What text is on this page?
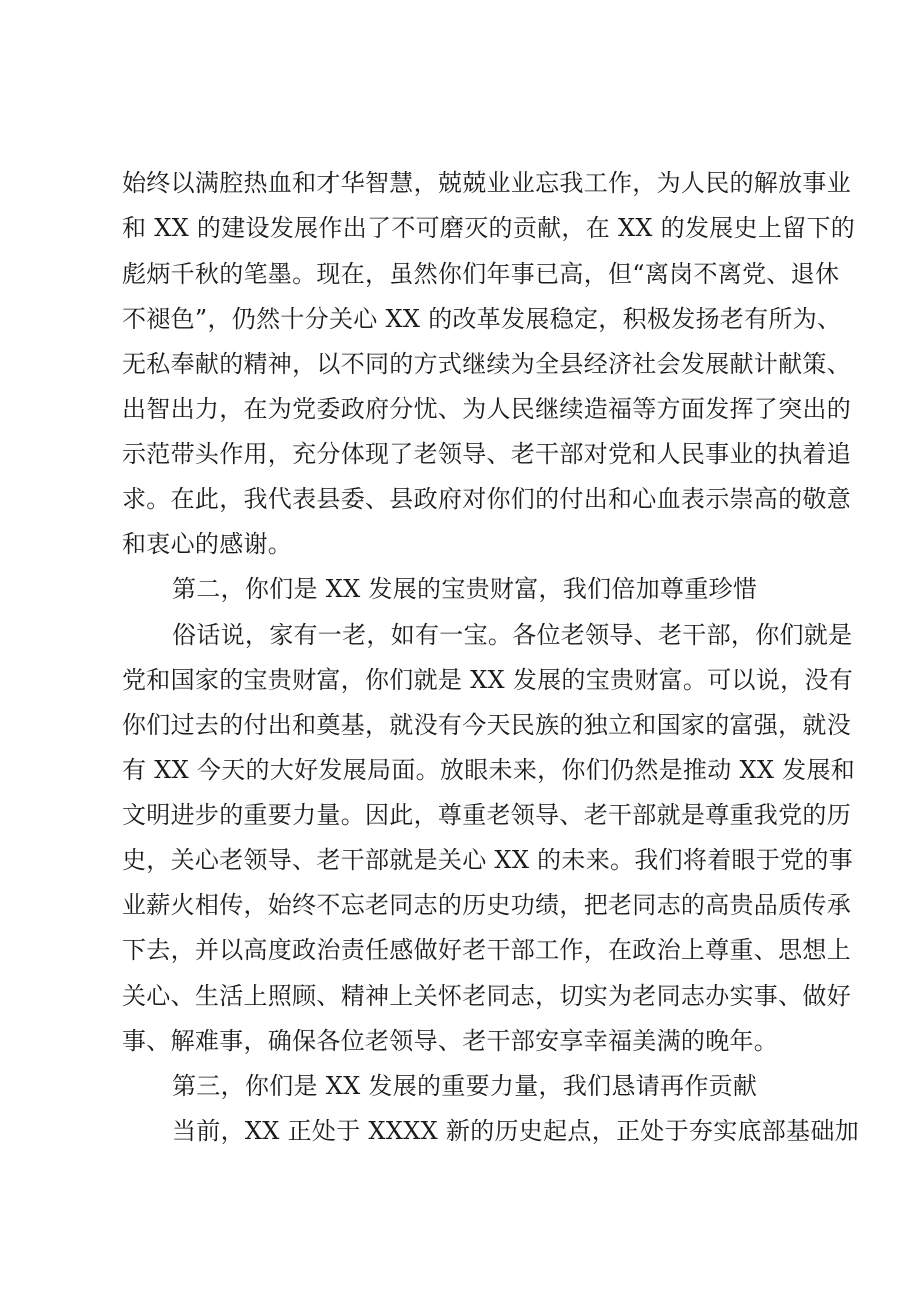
始终以满腔热血和才华智慧，兢兢业业忘我工作，为人民的解放事业
和 XX 的建设发展作出了不可磨灭的贡献，在 XX 的发展史上留下的
彪炳千秋的笔墨。现在，虽然你们年事已高，但“离岗不离党、退休
不褪色”，仍然十分关心 XX 的改革发展稳定，积极发扬老有所为、
无私奉献的精神，以不同的方式继续为全县经济社会发展献计献策、
出智出力，在为党委政府分忧、为人民继续造福等方面发挥了突出的
示范带头作用，充分体现了老领导、老干部对党和人民事业的执着追
求。在此，我代表县委、县政府对你们的付出和心血表示崇高的敬意
和衷心的感谢。
第二，你们是 XX 发展的宝贵财富，我们倍加尊重珍惜
俗话说，家有一老，如有一宝。各位老领导、老干部，你们就是
党和国家的宝贵财富，你们就是 XX 发展的宝贵财富。可以说，没有
你们过去的付出和奠基，就没有今天民族的独立和国家的富强，就没
有 XX 今天的大好发展局面。放眼未来，你们仍然是推动 XX 发展和
文明进步的重要力量。因此，尊重老领导、老干部就是尊重我党的历
史，关心老领导、老干部就是关心 XX 的未来。我们将着眼于党的事
业薪火相传，始终不忘老同志的历史功绩，把老同志的高贵品质传承
下去，并以高度政治责任感做好老干部工作，在政治上尊重、思想上
关心、生活上照顾、精神上关怀老同志，切实为老同志办实事、做好
事、解难事，确保各位老领导、老干部安享幸福美满的晚年。
第三，你们是 XX 发展的重要力量，我们恳请再作贡献
当前，XX 正处于 XXXX 新的历史起点，正处于夯实底部基础加
